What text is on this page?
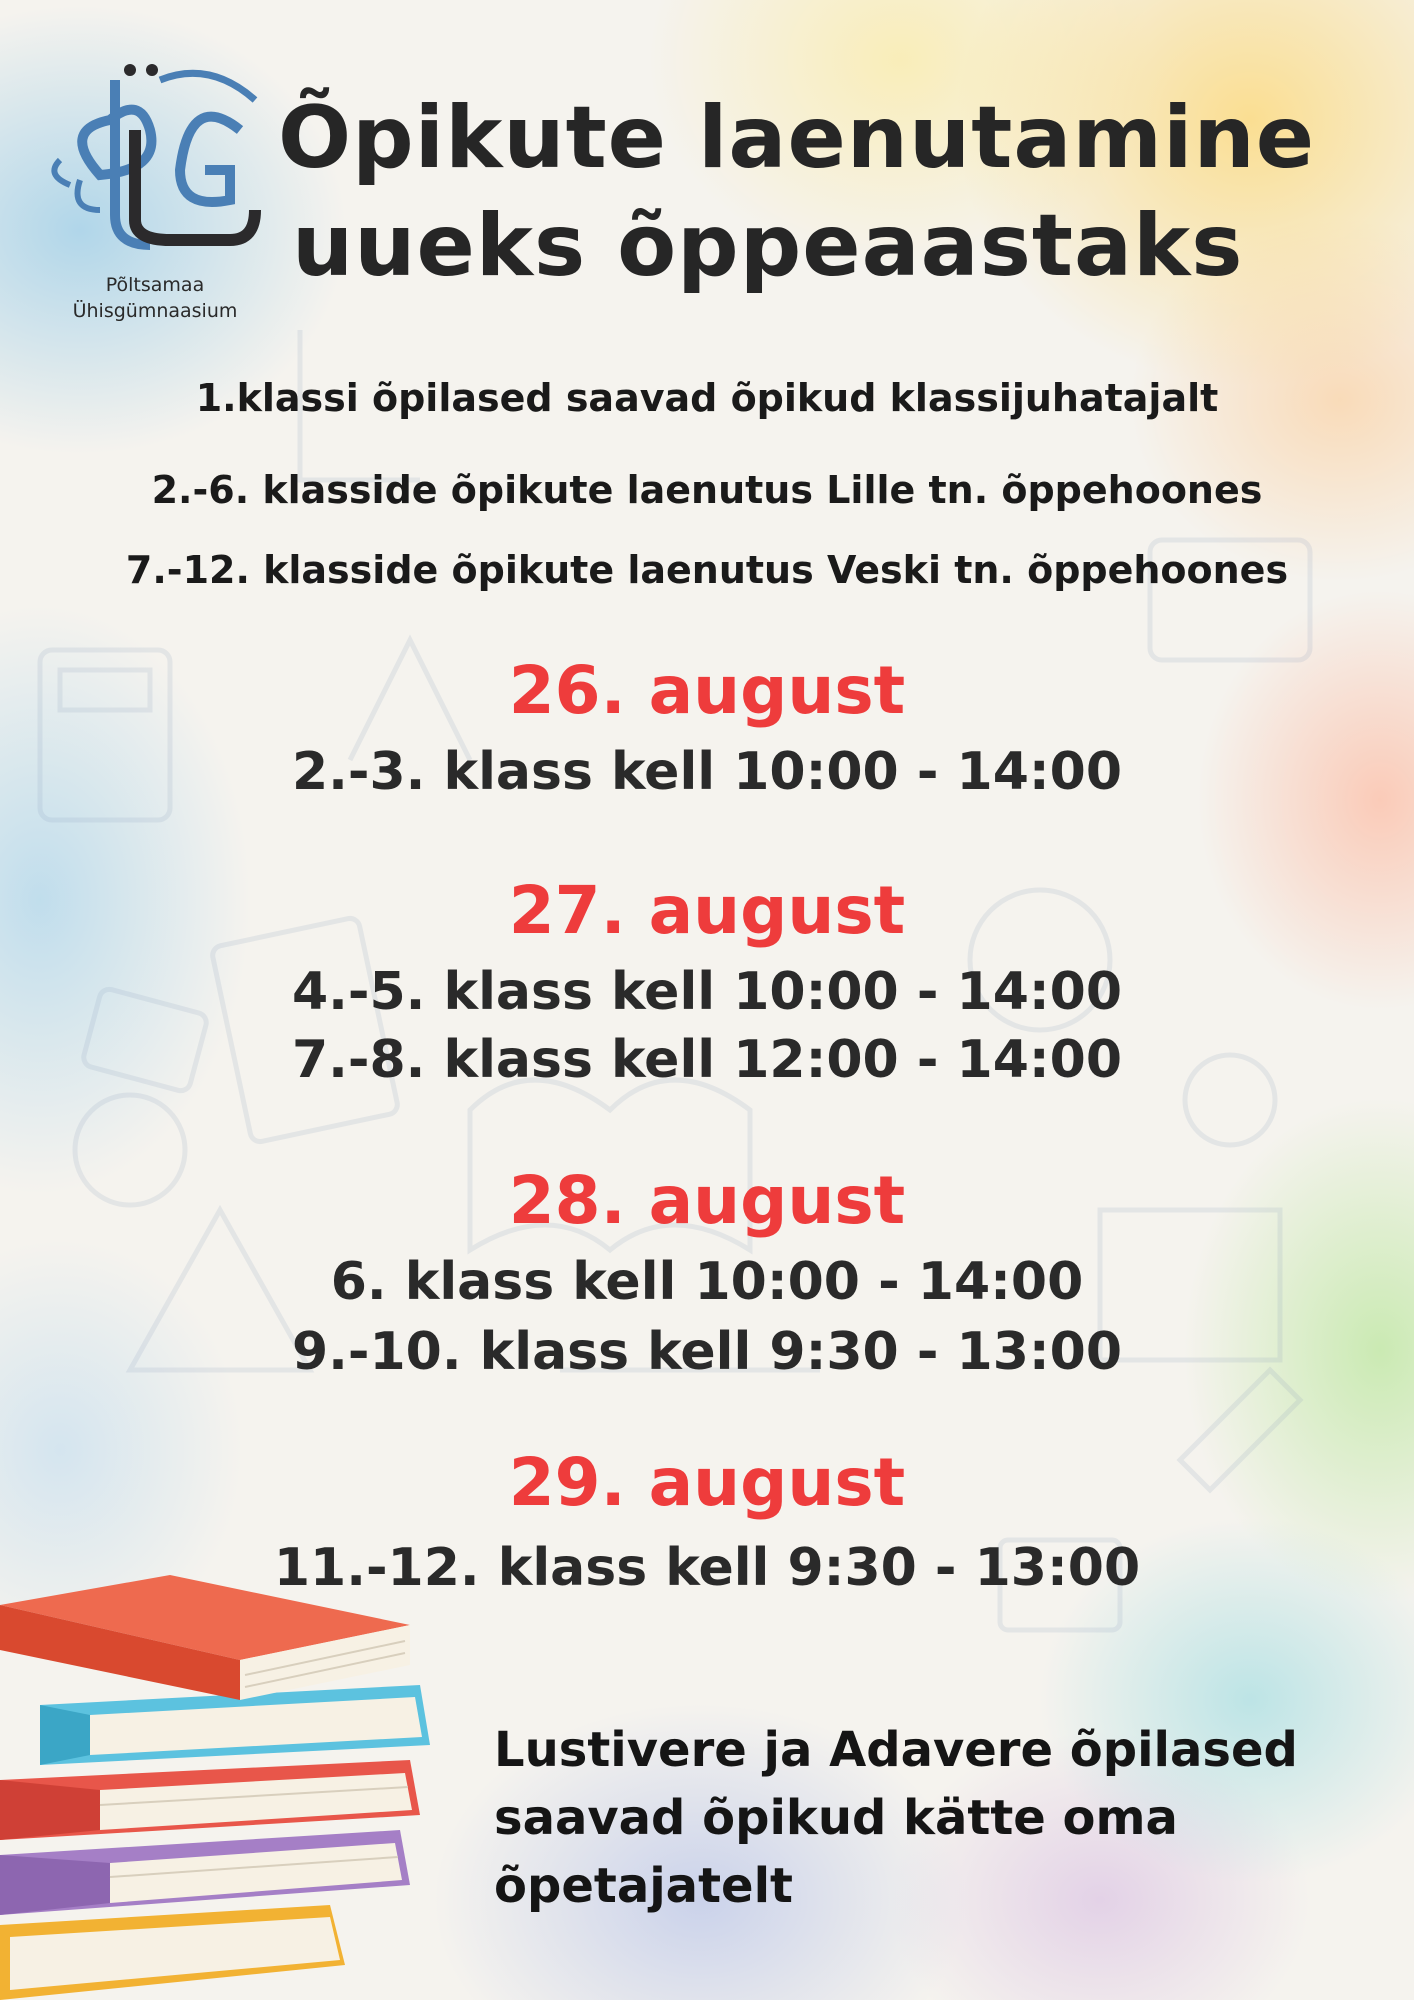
Põltsamaa
Ühisgümnaasium
Õpikute laenutamine
uueks õppeaastaks
1.klassi õpilased saavad õpikud klassijuhatajalt
2.-6. klasside õpikute laenutus Lille tn. õppehoones
7.-12. klasside õpikute laenutus Veski tn. õppehoones
26. august
2.-3. klass kell 10:00 - 14:00
27. august
4.-5. klass kell 10:00 - 14:00
7.-8. klass kell 12:00 - 14:00
28. august
6. klass kell 10:00 - 14:00
9.-10. klass kell 9:30 - 13:00
29. august
11.-12. klass kell 9:30 - 13:00
Lustivere ja Adavere õpilased
saavad õpikud kätte oma
õpetajatelt
